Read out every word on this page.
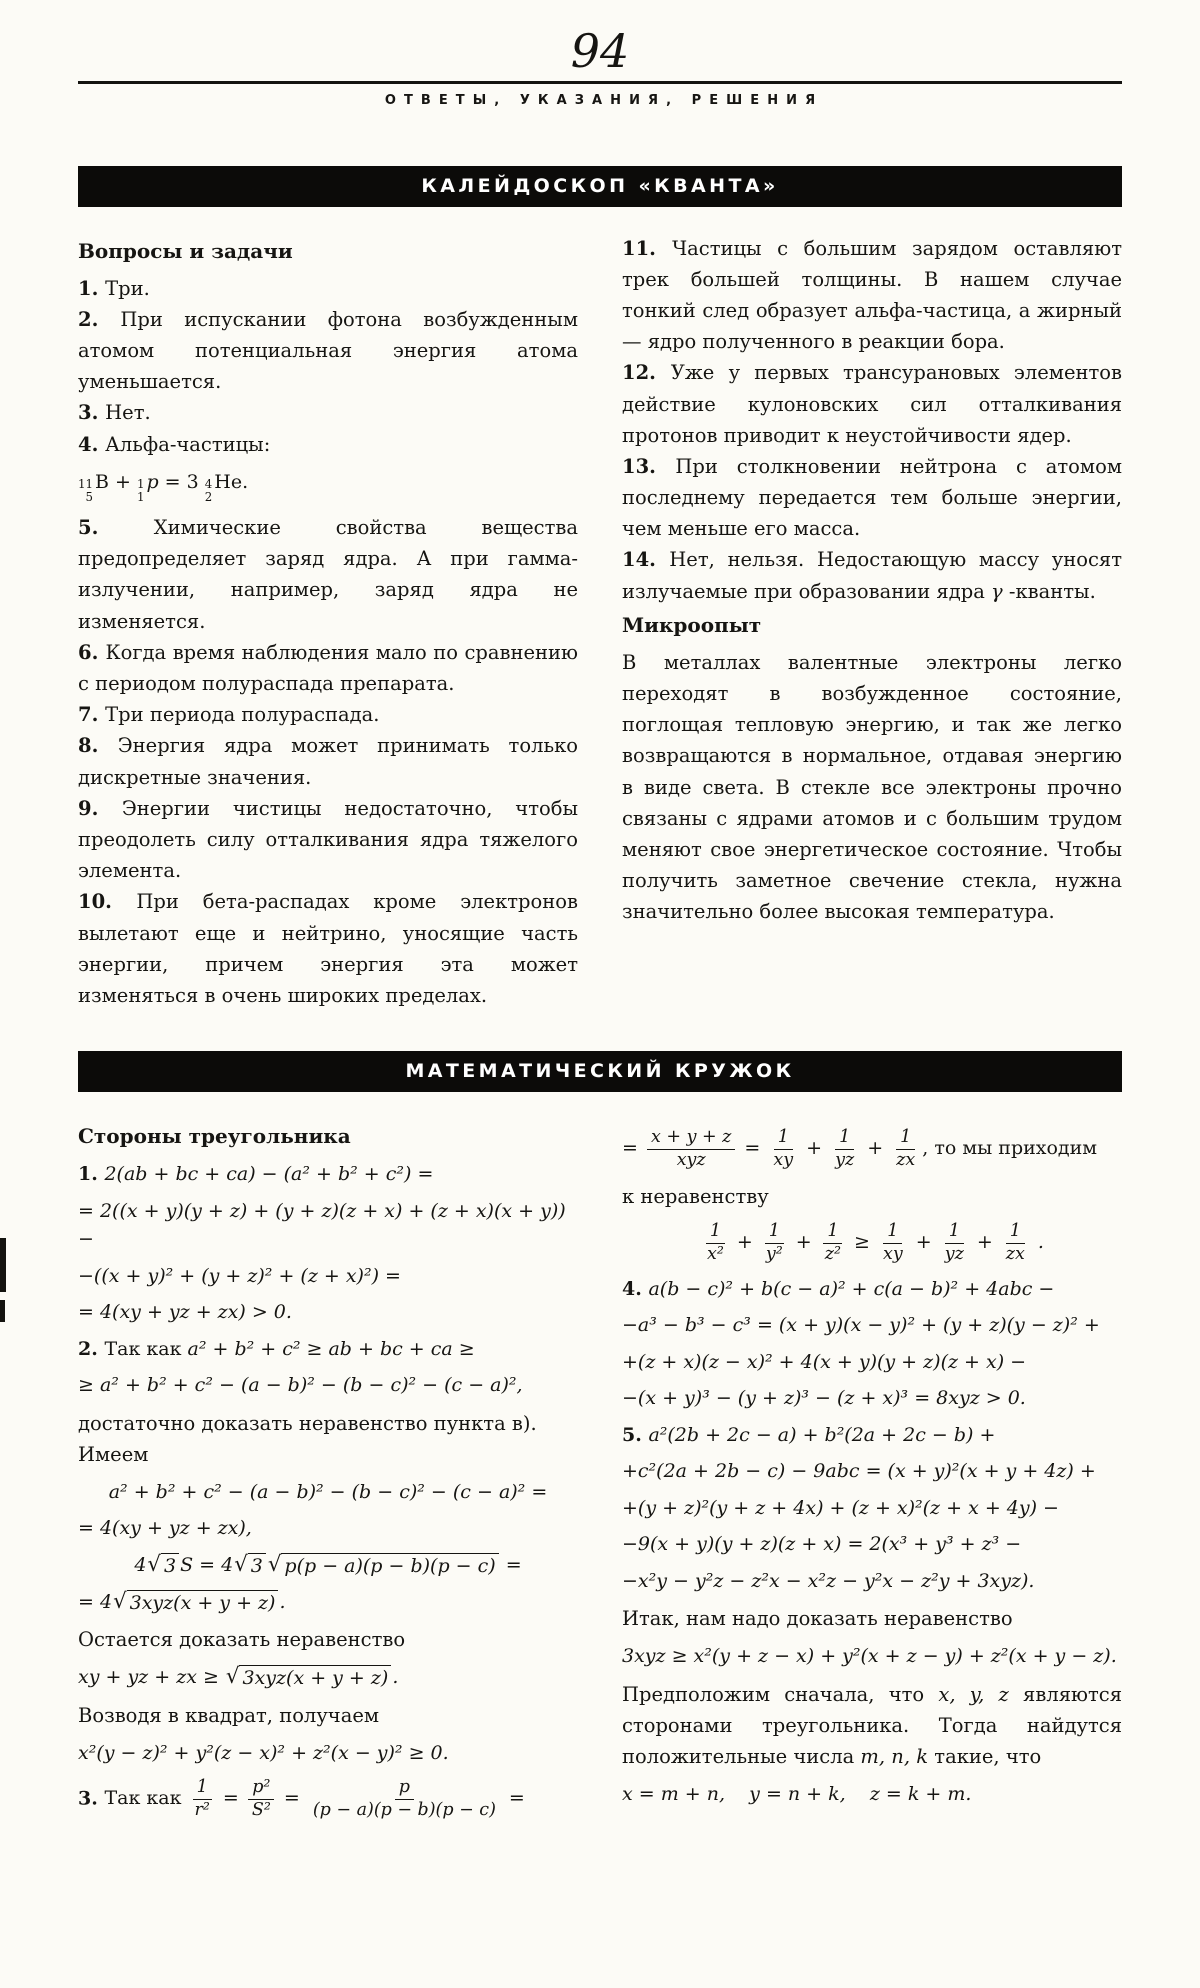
94
ОТВЕТЫ, УКАЗАНИЯ, РЕШЕНИЯ
КАЛЕЙДОСКОП «КВАНТА»
Вопросы и задачи
1. Три.
2. При испускании фотона возбужденным атомом потенциальная энергия атома уменьшается.
3. Нет.
4. Альфа-частицы:
11
5
B + 1
1
p = 3 4
2
He.
5. Химические свойства вещества предопределяет заряд ядра. А при гамма-излучении, например, заряд ядра не изменяется.
6. Когда время наблюдения мало по сравнению с периодом полураспада препарата.
7. Три периода полураспада.
8. Энергия ядра может принимать только дискретные значения.
9. Энергии чистицы недостаточно, чтобы преодолеть силу отталкивания ядра тяжелого элемента.
10. При бета-распадах кроме электронов вылетают еще и нейтрино, уносящие часть энергии, причем энергия эта может изменяться в очень широких пределах.
11. Частицы с большим зарядом оставляют трек большей толщины. В нашем случае тонкий след образует альфа-частица, а жирный — ядро полученного в реакции бора.
12. Уже у первых трансурановых элементов действие кулоновских сил отталкивания протонов приводит к неустойчивости ядер.
13. При столкновении нейтрона с атомом последнему передается тем больше энергии, чем меньше его масса.
14. Нет, нельзя. Недостающую массу уносят излучаемые при образовании ядра γ -кванты.
Микроопыт
В металлах валентные электроны легко переходят в возбужденное состояние, поглощая тепловую энергию, и так же легко возвращаются в нормальное, отдавая энергию в виде света. В стекле все электроны прочно связаны с ядрами атомов и с большим трудом меняют свое энергетическое состояние. Чтобы получить заметное свечение стекла, нужна значительно более высокая температура.
МАТЕМАТИЧЕСКИЙ КРУЖОК
Стороны треугольника
1. 2(ab + bc + ca) − (a² + b² + c²) =
= 2((x + y)(y + z) + (y + z)(z + x) + (z + x)(x + y)) −
−((x + y)² + (y + z)² + (z + x)²) =
= 4(xy + yz + zx) > 0.
2. Так как a² + b² + c² ≥ ab + bc + ca ≥
≥ a² + b² + c² − (a − b)² − (b − c)² − (c − a)²,
достаточно доказать неравенство пункта в).
Имеем
a² + b² + c² − (a − b)² − (b − c)² − (c − a)² =
= 4(xy + yz + zx),
4 √ 3 S = 4 √ 3 √ p(p − a)(p − b)(p − c) =
= 4 √ 3xyz(x + y + z) .
Остается доказать неравенство
xy + yz + zx ≥ √ 3xyz(x + y + z) .
Возводя в квадрат, получаем
x²(y − z)² + y²(z − x)² + z²(x − y)² ≥ 0.
3. Так как $\frac{1}{\text{r²}} = \frac{\text{p²}}{\text{S²}} = \frac{p}{(p - a)(p - b)(p - c)}$ =
= $\frac{x + y + z}{\text{xyz}} = \frac{1}{xy} + \frac{1}{yz} + \frac{1}{zx}$ , то мы приходим
к неравенству
$\frac{1}{\text{x²}} + \frac{1}{\text{y²}} + \frac{1}{\text{z²}} \ge \frac{1}{xy} + \frac{1}{yz} + \frac{1}{zx}$ .
4. a(b − c)² + b(c − a)² + c(a − b)² + 4abc −
−a³ − b³ − c³ = (x + y)(x − y)² + (y + z)(y − z)² +
+(z + x)(z − x)² + 4(x + y)(y + z)(z + x) −
−(x + y)³ − (y + z)³ − (z + x)³ = 8xyz > 0.
5. a²(2b + 2c − a) + b²(2a + 2c − b) +
+c²(2a + 2b − c) − 9abc = (x + y)²(x + y + 4z) +
+(y + z)²(y + z + 4x) + (z + x)²(z + x + 4y) −
−9(x + y)(y + z)(z + x) = 2(x³ + y³ + z³ −
−x²y − y²z − z²x − x²z − y²x − z²y + 3xyz).
Итак, нам надо доказать неравенство
3xyz ≥ x²(y + z − x) + y²(x + z − y) + z²(x + y − z).
Предположим сначала, что x, y, z являются сторонами треугольника. Тогда найдутся положительные числа m, n, k такие, что
x = m + n,    y = n + k,    z = k + m.
